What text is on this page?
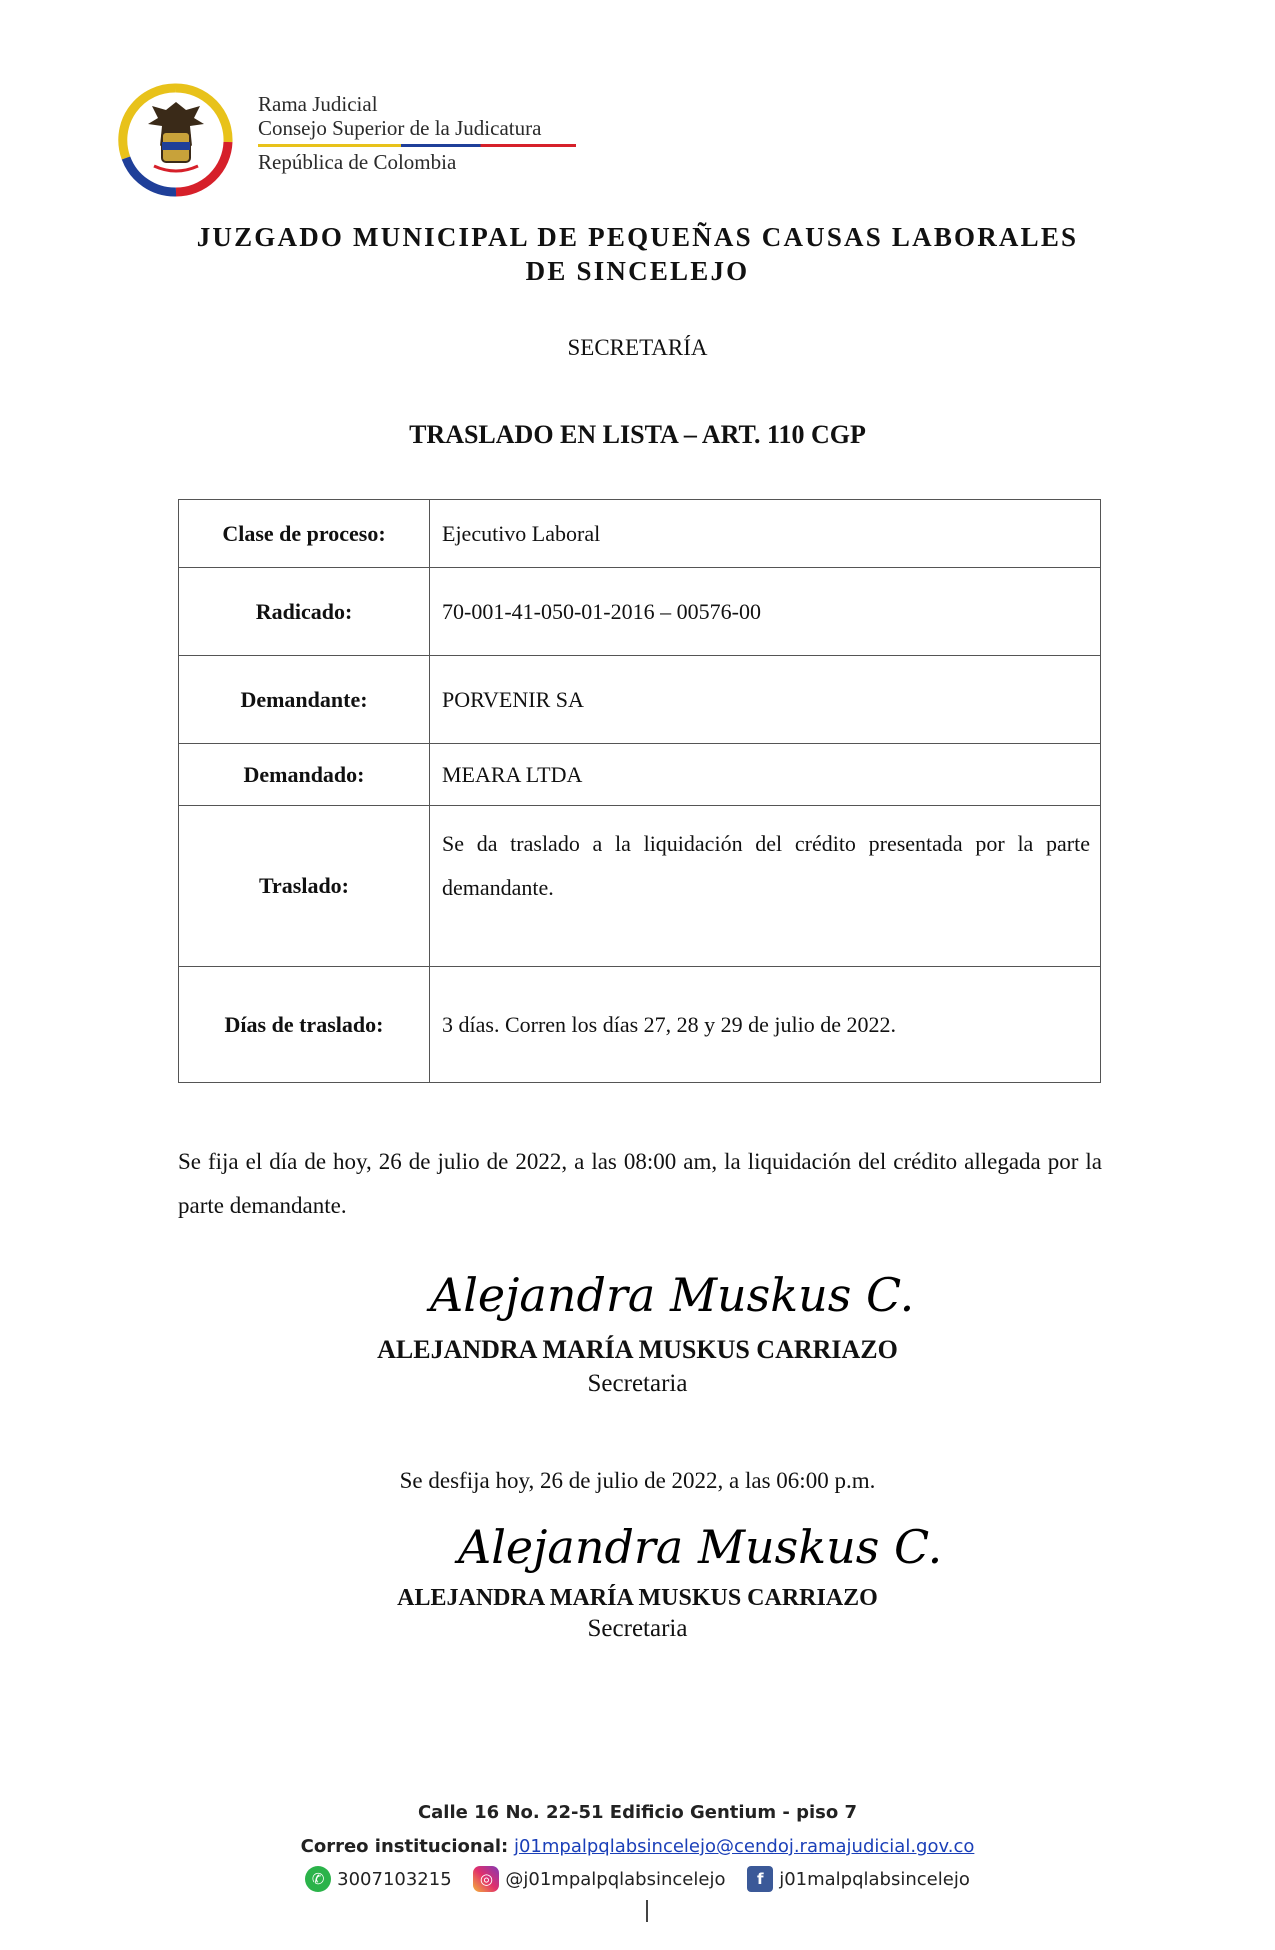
Rama Judicial
Consejo Superior de la Judicatura
República de Colombia
JUZGADO MUNICIPAL DE PEQUEÑAS CAUSAS LABORALES
DE SINCELEJO
SECRETARÍA
TRASLADO EN LISTA – ART. 110 CGP
Clase de proceso:	Ejecutivo Laboral
Radicado:	70-001-41-050-01-2016 – 00576-00
Demandante:	PORVENIR SA
Demandado:	MEARA LTDA
Traslado:	Se da traslado a la liquidación del crédito presentada por la parte demandante.
Días de traslado:	3 días. Corren los días 27, 28 y 29 de julio de 2022.
Se fija el día de hoy, 26 de julio de 2022, a las 08:00 am, la liquidación del crédito allegada por la parte demandante.
Alejandra Muskus C.
ALEJANDRA MARÍA MUSKUS CARRIAZO
Secretaria
Se desfija hoy, 26 de julio de 2022, a las 06:00 p.m.
Alejandra Muskus C.
ALEJANDRA MARÍA MUSKUS CARRIAZO
Secretaria
Calle 16 No. 22-51 Edificio Gentium - piso 7
Correo institucional: j01mpalpqlabsincelejo@cendoj.ramajudicial.gov.co
✆ 3007103215
	◎ @j01mpalpqlabsincelejo
	f j01malpqlabsincelejo
